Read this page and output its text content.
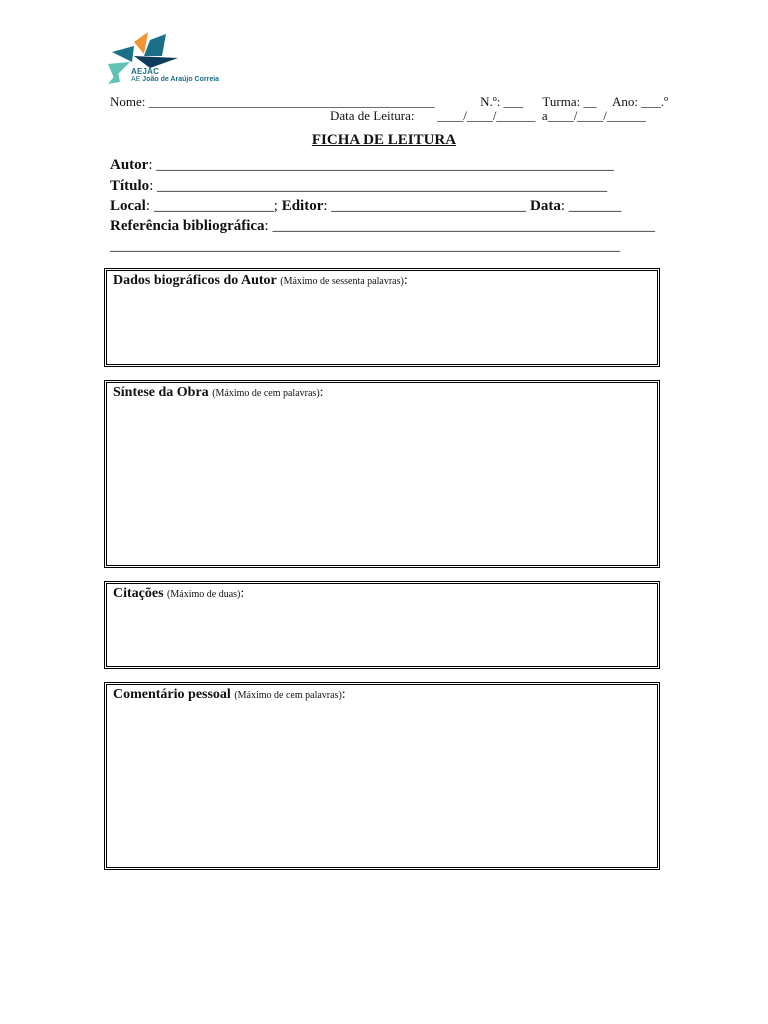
AEJAC
AE João de Araújo Correia
Nome: ____________________________________________              N.º: ___      Turma: __     Ano: ___.º
Data de Leitura:       ____/____/______  a____/____/______
FICHA DE LEITURA
Autor: _____________________________________________________________
Título: ____________________________________________________________
Local: ________________; Editor: __________________________ Data: _______
Referência bibliográfica: ___________________________________________________
____________________________________________________________________
Dados biográficos do Autor (Máximo de sessenta palavras):
Síntese da Obra (Máximo de cem palavras):
Citações (Máximo de duas):
Comentário pessoal (Máximo de cem palavras):
